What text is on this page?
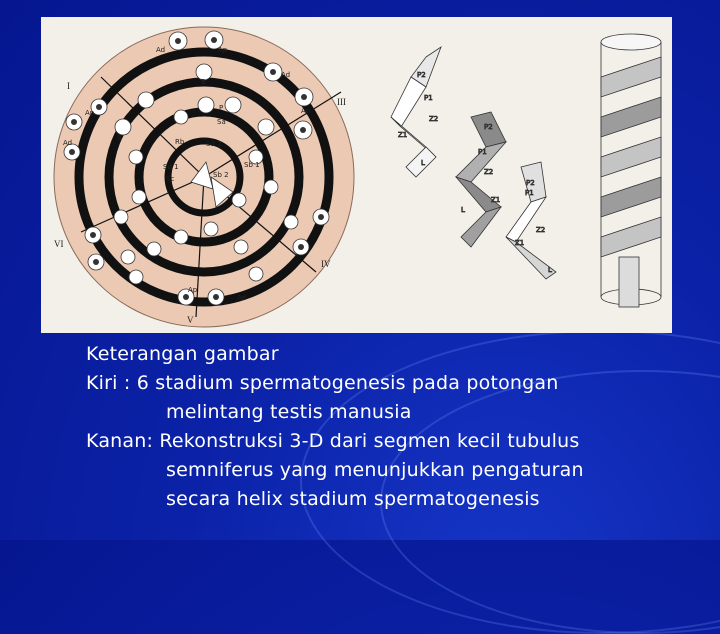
I
III
IV
V
VI
Ad	Ap
B
P
Sa
Rb	Sd 2
Sd 1	Sb 1
Sb 2
Sc
Ap
Ad
B
Ap
Ad
Ad
Ap
P2
P1
Z1
Z2
L
P2
P1
Z2
L
Z1
P2
P1
Z1
Z2
L
Keterangan gambar
Kiri : 6 stadium spermatogenesis pada potongan
melintang testis manusia
Kanan: Rekonstruksi 3-D dari segmen kecil tubulus
semniferus yang menunjukkan pengaturan
secara helix stadium spermatogenesis
